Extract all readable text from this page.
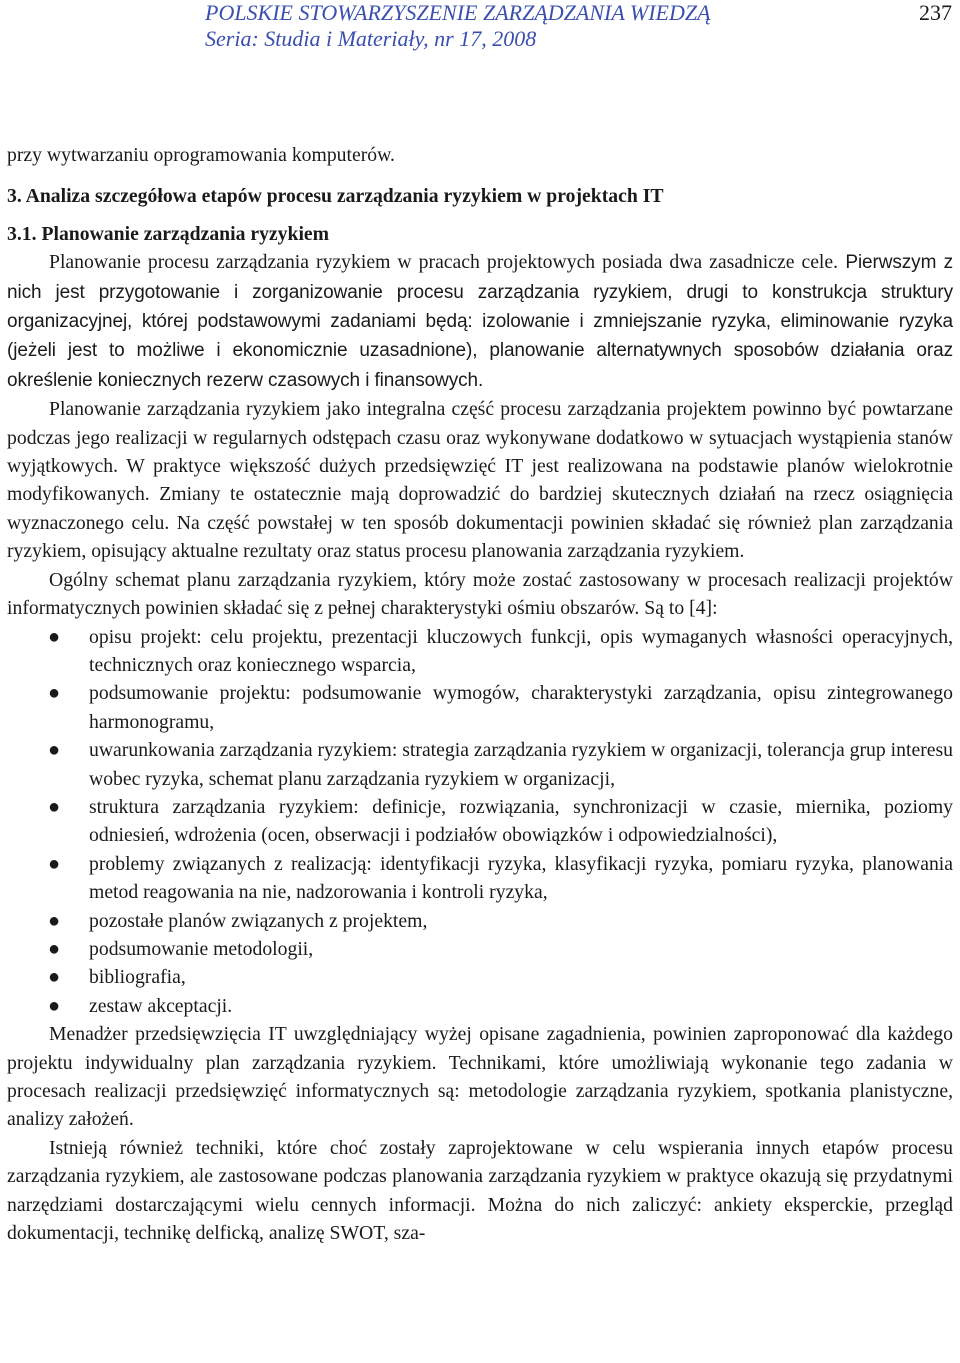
POLSKIE STOWARZYSZENIE ZARZĄDZANIA WIEDZĄ
Seria: Studia i Materiały, nr 17, 2008
237

przy wytwarzaniu oprogramowania komputerów.

3. Analiza szczegółowa etapów procesu zarządzania ryzykiem w projektach IT

3.1. Planowanie zarządzania ryzykiem

Planowanie procesu zarządzania ryzykiem w pracach projektowych posiada dwa zasadnicze cele. Pierwszym z nich jest przygotowanie i zorganizowanie procesu zarządzania ryzykiem, drugi to konstrukcja struktury organizacyjnej, której podstawowymi zadaniami będą: izolowanie i zmniejszanie ryzyka, eliminowanie ryzyka (jeżeli jest to możliwe i ekonomicznie uzasadnione), planowanie alternatywnych sposobów działania oraz określenie koniecznych rezerw czasowych i finansowych.

Planowanie zarządzania ryzykiem jako integralna część procesu zarządzania projektem powinno być powtarzane podczas jego realizacji w regularnych odstępach czasu oraz wykonywane dodatkowo w sytuacjach wystąpienia stanów wyjątkowych. W praktyce większość dużych przedsięwzięć IT jest realizowana na podstawie planów wielokrotnie modyfikowanych. Zmiany te ostatecznie mają doprowadzić do bardziej skutecznych działań na rzecz osiągnięcia wyznaczonego celu. Na część powstałej w ten sposób dokumentacji powinien składać się również plan zarządzania ryzykiem, opisujący aktualne rezultaty oraz status procesu planowania zarządzania ryzykiem.

Ogólny schemat planu zarządzania ryzykiem, który może zostać zastosowany w procesach realizacji projektów informatycznych powinien składać się z pełnej charakterystyki ośmiu obszarów. Są to [4]:

● opisu projekt: celu projektu, prezentacji kluczowych funkcji, opis wymaganych własności operacyjnych, technicznych oraz koniecznego wsparcia,
● podsumowanie projektu: podsumowanie wymogów, charakterystyki zarządzania, opisu zintegrowanego harmonogramu,
● uwarunkowania zarządzania ryzykiem: strategia zarządzania ryzykiem w organizacji, tolerancja grup interesu wobec ryzyka, schemat planu zarządzania ryzykiem w organizacji,
● struktura zarządzania ryzykiem: definicje, rozwiązania, synchronizacji w czasie, miernika, poziomy odniesień, wdrożenia (ocen, obserwacji i podziałów obowiązków i odpowiedzialności),
● problemy związanych z realizacją: identyfikacji ryzyka, klasyfikacji ryzyka, pomiaru ryzyka, planowania metod reagowania na nie, nadzorowania i kontroli ryzyka,
● pozostałe planów związanych z projektem,
● podsumowanie metodologii,
● bibliografia,
● zestaw akceptacji.

Menadżer przedsięwzięcia IT uwzględniający wyżej opisane zagadnienia, powinien zaproponować dla każdego projektu indywidualny plan zarządzania ryzykiem. Technikami, które umożliwiają wykonanie tego zadania w procesach realizacji przedsięwzięć informatycznych są: metodologie zarządzania ryzykiem, spotkania planistyczne, analizy założeń.

Istnieją również techniki, które choć zostały zaprojektowane w celu wspierania innych etapów procesu zarządzania ryzykiem, ale zastosowane podczas planowania zarządzania ryzykiem w praktyce okazują się przydatnymi narzędziami dostarczającymi wielu cennych informacji. Można do nich zaliczyć: ankiety eksperckie, przegląd dokumentacji, technikę delficką, analizę SWOT, sza-
